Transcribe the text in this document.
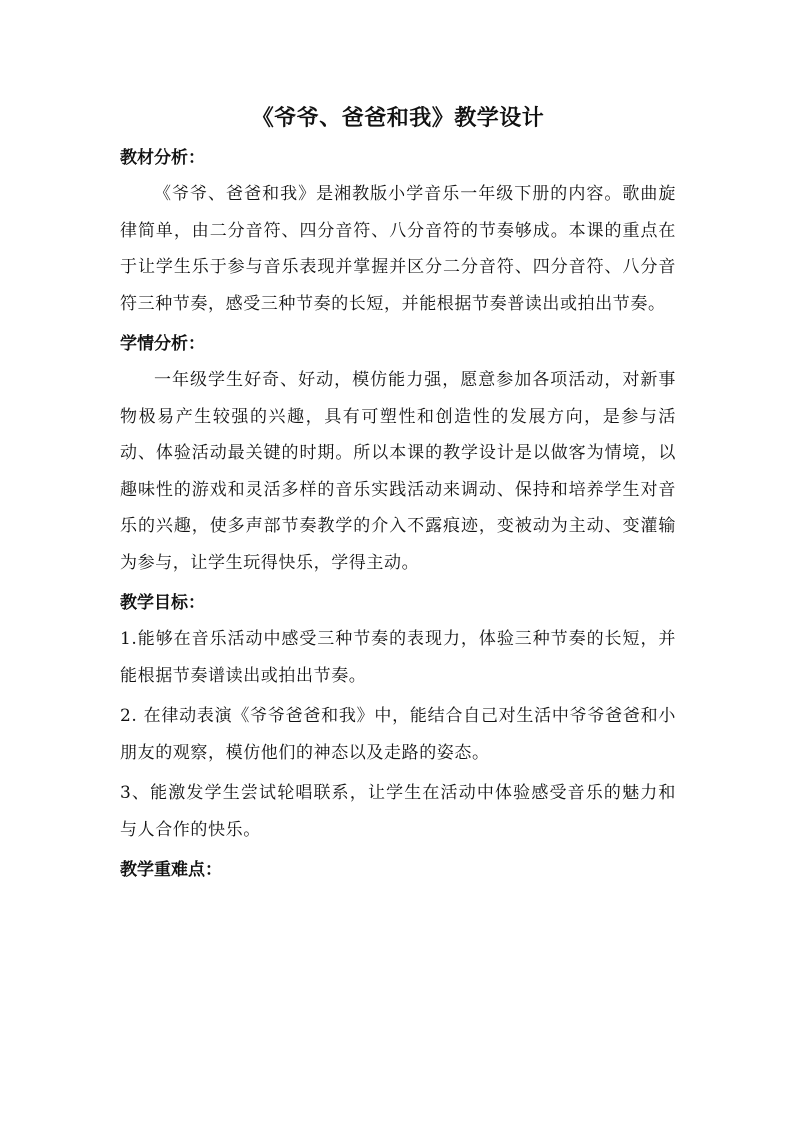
《爷爷、爸爸和我》教学设计

教材分析：

《爷爷、爸爸和我》是湘教版小学音乐一年级下册的内容。歌曲旋律简单，由二分音符、四分音符、八分音符的节奏够成。本课的重点在于让学生乐于参与音乐表现并掌握并区分二分音符、四分音符、八分音符三种节奏，感受三种节奏的长短，并能根据节奏普读出或拍出节奏。

学情分析：

一年级学生好奇、好动，模仿能力强，愿意参加各项活动，对新事物极易产生较强的兴趣，具有可塑性和创造性的发展方向，是参与活动、体验活动最关键的时期。所以本课的教学设计是以做客为情境，以趣味性的游戏和灵活多样的音乐实践活动来调动、保持和培养学生对音乐的兴趣，使多声部节奏教学的介入不露痕迹，变被动为主动、变灌输为参与，让学生玩得快乐，学得主动。

教学目标：

1.能够在音乐活动中感受三种节奏的表现力，体验三种节奏的长短，并能根据节奏谱读出或拍出节奏。

2. 在律动表演《爷爷爸爸和我》中，能结合自己对生活中爷爷爸爸和小朋友的观察，模仿他们的神态以及走路的姿态。

3、能激发学生尝试轮唱联系，让学生在活动中体验感受音乐的魅力和与人合作的快乐。

教学重难点：
